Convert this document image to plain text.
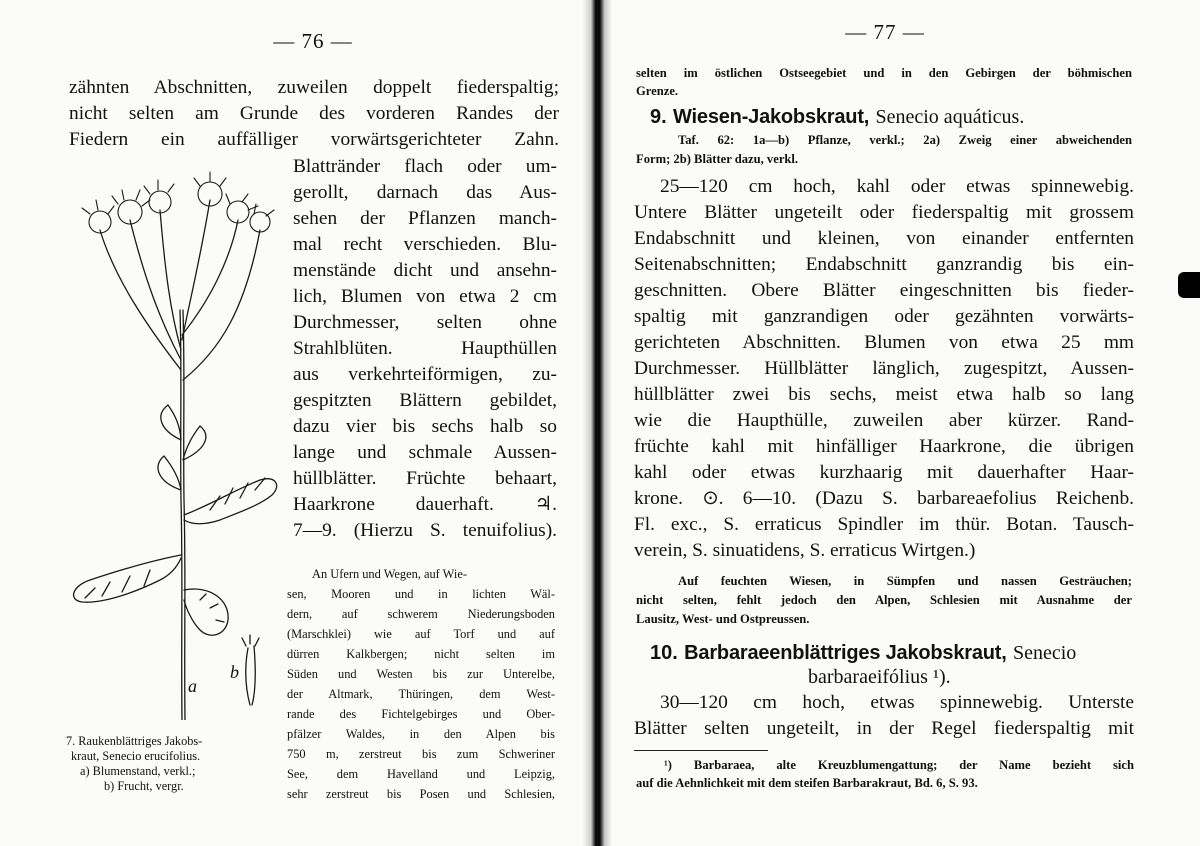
— 76 —
zähnten Abschnitten, zuweilen doppelt fiederspaltig;
nicht selten am Grunde des vorderen Randes der
Fiedern ein auffälliger vorwärtsgerichteter Zahn.
Blattränder flach oder um-
gerollt, darnach das Aus-
sehen der Pflanzen manch-
mal recht verschieden. Blu-
menstände dicht und ansehn-
lich, Blumen von etwa 2 cm
Durchmesser, selten ohne
Strahlblüten. Haupthüllen
aus verkehrteiförmigen, zu-
gespitzten Blättern gebildet,
dazu vier bis sechs halb so
lange und schmale Aussen-
hüllblätter. Früchte behaart,
Haarkrone dauerhaft. ♃.
7—9. (Hierzu S. tenuifolius).
An Ufern und Wegen, auf Wie-
sen, Mooren und in lichten Wäl-
dern, auf schwerem Niederungsboden
(Marschklei) wie auf Torf und auf
dürren Kalkbergen; nicht selten im
Süden und Westen bis zur Unterelbe,
der Altmark, Thüringen, dem West-
rande des Fichtelgebirges und Ober-
pfälzer Waldes, in den Alpen bis
750 m, zerstreut bis zum Schweriner
See, dem Havelland und Leipzig,
sehr zerstreut bis Posen und Schlesien,
a
b
7. Raukenblättriges Jakobs-
kraut, Senecio erucifolius.
a) Blumenstand, verkl.;
b) Frucht, vergr.
— 77 —
selten im östlichen Ostseegebiet und in den Gebirgen der böhmischen
Grenze.
9. Wiesen-Jakobskraut, Senecio aquáticus.
Taf. 62: 1a—b) Pflanze, verkl.; 2a) Zweig einer abweichenden
Form; 2b) Blätter dazu, verkl.
25—120 cm hoch, kahl oder etwas spinnewebig.
Untere Blätter ungeteilt oder fiederspaltig mit grossem
Endabschnitt und kleinen, von einander entfernten
Seitenabschnitten; Endabschnitt ganzrandig bis ein-
geschnitten. Obere Blätter eingeschnitten bis fieder-
spaltig mit ganzrandigen oder gezähnten vorwärts-
gerichteten Abschnitten. Blumen von etwa 25 mm
Durchmesser. Hüllblätter länglich, zugespitzt, Aussen-
hüllblätter zwei bis sechs, meist etwa halb so lang
wie die Haupthülle, zuweilen aber kürzer. Rand-
früchte kahl mit hinfälliger Haarkrone, die übrigen
kahl oder etwas kurzhaarig mit dauerhafter Haar-
krone. ⊙. 6—10. (Dazu S. barbareaefolius Reichenb.
Fl. exc., S. erraticus Spindler im thür. Botan. Tausch-
verein, S. sinuatidens, S. erraticus Wirtgen.)
Auf feuchten Wiesen, in Sümpfen und nassen Gesträuchen;
nicht selten, fehlt jedoch den Alpen, Schlesien mit Ausnahme der
Lausitz, West- und Ostpreussen.
10. Barbaraeenblättriges Jakobskraut, Senecio
barbaraeifólius ¹).
30—120 cm hoch, etwas spinnewebig. Unterste
Blätter selten ungeteilt, in der Regel fiederspaltig mit
¹) Barbaraea, alte Kreuzblumengattung; der Name bezieht sich
auf die Aehnlichkeit mit dem steifen Barbarakraut, Bd. 6, S. 93.
